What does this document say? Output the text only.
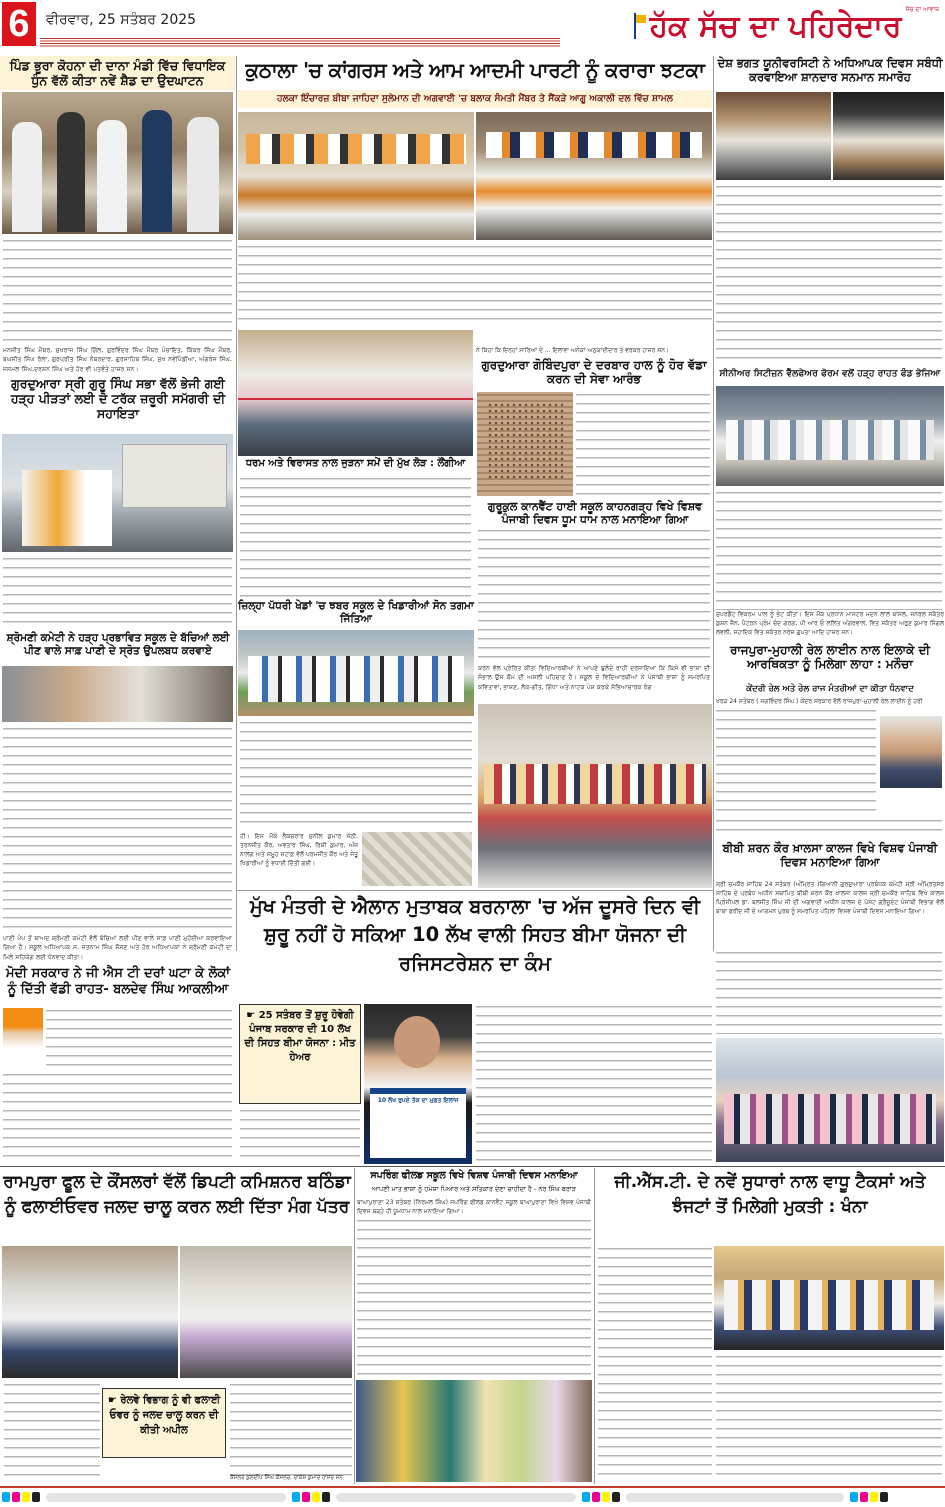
6	ਵੀਰਵਾਰ, 25 ਸਤੰਬਰ 2025	ਹੱਕ ਸੱਚ ਦਾ ਪਹਿਰੇਦਾਰ ਸੱਚ ਦਾ ਆਵਾਜ਼
ਪਿੰਡ ਭੂਰਾ ਕੋਹਨਾ ਦੀ ਦਾਨਾ ਮੰਡੀ ਵਿੱਚ ਵਿਧਾਇਕ ਧੁੰਨ ਵੱਲੋਂ ਕੀਤਾ ਨਵੇਂ ਸ਼ੈਡ ਦਾ ਉਦਘਾਟਨ
ਮਨਜੀਤ ਸਿੰਘ ਮੈਂਬਰ, ਸੁਖਰਾਜ ਸਿੰਘ ਗਿੱਲ, ਗੁਰਵਿੰਦਰ ਸਿੰਘ ਮੈਂਬਰ ਪੰਚਾਇਤ, ਕਿੱਕਰ ਸਿੰਘ ਮੈਂਬਰ, ਬਘਜੀਤ ਸਿੰਘ ਰੱਲਾ, ਗੁਰਪ੍ਰੀਤ ਸਿੰਘ ਨੰਬਰਦਾਰ, ਗੁਰਸਾਹਿਬ ਸਿੰਘ, ਸੁਖ ਨਵੇਂਪਿੰਡੀਆ, ਅੰਗਰੇਜ ਸਿੰਘ, ਜਸਮਲ ਸਿੰਘ,ਦਰਸ਼ਨ ਸਿੰਘ ਅਤੇ ਹੋਰ ਵੀ ਪਤਵੰਤੇ ਹਾਜ਼ਰ ਸਨ।
ਗੁਰਦੁਆਰਾ ਸ੍ਰੀ ਗੁਰੂ ਸਿੰਘ ਸਭਾ ਵੱਲੋਂ ਭੇਜੀ ਗਈ ਹੜ੍ਹ ਪੀੜਤਾਂ ਲਈ ਦੋ ਟਰੱਕ ਜ਼ਰੂਰੀ ਸਮੱਗਰੀ ਦੀ ਸਹਾਇਤਾ
ਸ਼੍ਰੋਮਣੀ ਕਮੇਟੀ ਨੇ ਹੜ੍ਹ ਪ੍ਰਭਾਵਿਤ ਸਕੂਲ ਦੇ ਬੱਚਿਆਂ ਲਈ ਪੀਣ ਵਾਲੇ ਸਾਫ਼ ਪਾਣੀ ਦੇ ਸ੍ਰੋਤ ਉਪਲਬਧ ਕਰਵਾਏ
ਪਾਣੀ ਪੰਪ ਤੋਂ ਬਾਅਦ ਸ਼੍ਰੋਮਣੀ ਕਮੇਟੀ ਵੱਲੋਂ ਬੱਚਿਆਂ ਲਈ ਪੀਣ ਵਾਲੇ ਸਾਫ਼ ਪਾਣੀ ਮੁਹੱਈਆ ਕਰਵਾਇਆ ਗਿਆ ਹੈ। ਸਕੂਲ ਅਧਿਆਪਕ ਸ. ਸਤਨਾਮ ਸਿੰਘ ਜੌਸਣ ਅਤੇ ਹੋਰ ਅਧਿਆਪਕਾਂ ਨੇ ਸ਼੍ਰੋਮਣੀ ਕਮੇਟੀ ਦਾ ਮਿਲੇ ਸਹਿਯੋਗ ਲਈ ਧੰਨਵਾਦ ਕੀਤਾ।
ਮੋਦੀ ਸਰਕਾਰ ਨੇ ਜੀ ਐਸ ਟੀ ਦਰਾਂ ਘਟਾ ਕੇ ਲੋਕਾਂ ਨੂੰ ਦਿੱਤੀ ਵੱਡੀ ਰਾਹਤ- ਬਲਦੇਵ ਸਿੰਘ ਆਕਲੀਆ
ਕੁਠਾਲਾ 'ਚ ਕਾਂਗਰਸ ਅਤੇ ਆਮ ਆਦਮੀ ਪਾਰਟੀ ਨੂੰ ਕਰਾਰਾ ਝਟਕਾ
ਹਲਕਾ ਇੰਚਾਰਜ਼ ਬੀਬਾ ਜਾਹਿਦਾ ਸੁਲੇਮਾਨ ਦੀ ਅਗਵਾਈ 'ਚ ਬਲਾਕ ਸੰਮਤੀ ਮੈਂਬਰ ਤੇ ਸੈਂਕੜੇ ਆਗੂ ਅਕਾਲੀ ਦਲ ਵਿੱਚ ਸ਼ਾਮਲ
ਧਰਮ ਅਤੇ ਵਿਰਾਸਤ ਨਾਲ ਜੁੜਨਾ ਸਮੇਂ ਦੀ ਮੁੱਖ ਲੋੜ : ਲੌਂਗੀਆ
ਨੇ ਕਿਹਾ ਕਿ ਇਨ੍ਹਾਂ ਸਾਰਿਆਂ ਦੇ ... ਇਲਾਵਾ ਅਨੇਕਾਂ ਅਨੁਯਾਈਦਾਰ ਤੇ ਵਰਕਰ ਹਾਜ਼ਰ ਸਨ।
ਗੁਰਦੁਆਰਾ ਗੋਬਿੰਦਪੁਰਾ ਦੇ ਦਰਬਾਰ ਹਾਲ ਨੂੰ ਹੋਰ ਵੱਡਾ ਕਰਨ ਦੀ ਸੇਵਾ ਆਰੰਭ
ਗੁਰੂਕੁਲ ਕਾਨਵੈਂਟ ਹਾਈ ਸਕੂਲ ਕਾਹਨਗੜ੍ਹ ਵਿਖੇ ਵਿਸ਼ਵ ਪੰਜਾਬੀ ਦਿਵਸ ਧੂਮ ਧਾਮ ਨਾਲ ਮਨਾਇਆ ਗਿਆ
ਕਰਨ ਵੱਲ ਪ੍ਰੇਰਿਤ ਕੀਤਾ ਵਿਦਿਆਰਥੀਆਂ ਨੇ ਆਪਣੇ ਬੁਲੰਦੇ ਰਾਹੀਂ ਦਰਸਾਇਆ ਕਿ ਕਿਸੇ ਵੀ ਭਾਸ਼ਾ ਦੀ ਸੰਭਾਲ ਉਸ ਕੌਮ ਦੀ ਅਸਲੀ ਪਹਿਚਾਣ ਹੈ। ਸਕੂਲ ਦੇ ਵਿਦਿਆਰਥੀਆਂ ਨੇ ਪੰਜਾਬੀ ਭਾਸ਼ਾ ਨੂੰ ਸਮਰਪਿਤ ਕਵਿਤਾਵਾਂ, ਭਾਸ਼ਣ, ਲੋਕ-ਗੀਤ, ਗਿੱਧਾ ਅਤੇ ਨਾਟਕ ਪੇਸ਼ ਕਰਕੇ ਸੱਭਿਆਚਾਰਕ ਰੰਗ
ਜ਼ਿਲ੍ਹਾ ਪੱਧਰੀ ਖੇਡਾਂ 'ਚ ਝਬਰ ਸਕੂਲ ਦੇ ਖਿਡਾਰੀਆਂ ਸੋਨ ਤਗਮਾ ਜਿੱਤਿਆ
ਹੀ। ਇਸ ਮੌਕੇ ਲੈਕਚਰਾਰ ਸੁਨੀਲ ਕੁਮਾਰ ਸੇਠੀ, ਤਰਨਜੀਤ ਕੌਰ, ਅਵਤਾਰ ਸਿੰਘ, ਰਿਸ਼ੀ ਕੁਮਾਰ, ਅੰਜ ਨਾਲਗ ਅਤੇ ਸਮੂਹ ਸਟਾਫ਼ ਵੱਲੋਂ ਪਰਮਜੀਤ ਕੌਰ ਅਤੇ ਜੇਤੂ ਖਿਡਾਰੀਆਂ ਨੂੰ ਵਧਾਈ ਦਿੱਤੀ ਗਈ।
ਦੇਸ਼ ਭਗਤ ਯੂਨੀਵਰਸਿਟੀ ਨੇ ਅਧਿਆਪਕ ਦਿਵਸ ਸਬੰਧੀ ਕਰਵਾਇਆ ਸ਼ਾਨਦਾਰ ਸਨਮਾਨ ਸਮਾਰੋਹ
ਸੀਨੀਅਰ ਸਿਟੀਜ਼ਨ ਵੈੱਲਫੇਅਰ ਫੋਰਮ ਵਲੋਂ ਹੜ੍ਹ ਰਾਹਤ ਫੰਡ ਭੇਜਿਆ
ਸੁਪਰਡੈਂਟ ਵਿਕਰਮ ਪਾਲ ਨੂੰ ਭੇਟ ਕੀਤਾ। ਇਸ ਮੌਕ ਪ੍ਰਧਾਨ ਮਾਸਟਰ ਮਦਨ ਲਾਲ ਬਾਂਸਲ, ਜਨਰਲ ਸਕੱਤਰ ਕੁਸ਼ਨ ਜੈਨ, ਪੈਟਰਨ ਪ੍ਰੇਮ ਚੰਦ ਗਰਗ, ਪੀ ਆਰ ਓ ਲਲਿਤ ਅੰਗਰਵਾਲ, ਵਿਤ ਸਕੱਤਰ ਅਰੁਣ ਕੁਮਾਰ ਸਿੰਗਲ ਲਵਲੀ, ਸਹਾਇਕ ਵਿਤ ਸਕੱਤਰ ਨਰੇਸ਼ ਗੁਪਤਾ ਆਦਿ ਹਾਜ਼ਰ ਸਨ।
ਰਾਜਪੁਰਾ-ਮੁਹਾਲੀ ਰੇਲ ਲਾਈਨ ਨਾਲ ਇਲਾਕੇ ਦੀ ਆਰਥਿਕਤਾ ਨੂੰ ਮਿਲੇਗਾ ਲਾਹਾ : ਮਨੌਚਾ
ਕੇਂਦਰੀ ਰੇਲ ਅਤੇ ਰੇਲ ਰਾਜ ਮੰਤਰੀਆਂ ਦਾ ਕੀਤਾ ਧੰਨਵਾਦ
ਖਰੜ 24 ਸਤੰਬਰ ( ਜਗਵਿੰਦਰ ਸਿੰਘ ) ਕੇਂਦਰ ਸਰਕਾਰ ਵੱਲੋਂ ਰਾਜਪੁਰਾ-ਮੁਹਾਲੀ ਰੇਲ ਲਾਈਨ ਨੂੰ ਹਰੀ
ਬੀਬੀ ਸ਼ਰਨ ਕੌਰ ਖ਼ਾਲਸਾ ਕਾਲਜ ਵਿਖੇ ਵਿਸ਼ਵ ਪੰਜਾਬੀ ਦਿਵਸ ਮਨਾਇਆ ਗਿਆ
ਸ੍ਰੀ ਚਮਕੌਰ ਸਾਹਿਬ 24 ਸਤੰਬਰ (ਅੰਮ੍ਰਿਤ )ਗਿਆਨੀ ਗੁਰਦੁਆਰਾ ਪ੍ਰਬੰਧਕ ਕਮੇਟੀ ਸ੍ਰੀ ਅੰਮ੍ਰਿਤਸਰ ਸਾਹਿਬ ਦੇ ਪ੍ਰਬੰਧ ਅਧੀਨ ਸਥਾਪਿਤ ਬੀਬੀ ਸ਼ਰਨ ਕੌਰ ਖ਼ਾਲਸਾ ਕਾਲਜ ਸ੍ਰੀ ਚਮਕੌਰ ਸਾਹਿਬ ਵਿਖੇ ਕਾਲਜ ਪ੍ਰਿੰਸੀਪਲ ਡਾ. ਬਲਜੀਤ ਸਿੰਘ ਜੀ ਦੀ ਅਗਵਾਈ ਅਧੀਨ ਕਾਲਜ ਦੇ ਪੋਸਟ ਗ੍ਰੈਜੂਏਟ ਪੰਜਾਬੀ ਵਿਭਾਗ ਵੱਲੋਂ ਬਾਬਾ ਫਰੀਦ ਜੀ ਦੇ ਆਗਮਨ ਪੁਰਬ ਨੂੰ ਸਮਰਪਿਤ ਪਹਿਲਾ ਵਿਸ਼ਵ ਪੰਜਾਬੀ ਦਿਵਸ ਮਨਾਇਆ ਗਿਆ।
ਮੁੱਖ ਮੰਤਰੀ ਦੇ ਐਲਾਨ ਮੁਤਾਬਕ ਬਰਨਾਲਾ 'ਚ ਅੱਜ ਦੂਸਰੇ ਦਿਨ ਵੀ ਸ਼ੁਰੂ ਨਹੀਂ ਹੋ ਸਕਿਆ 10 ਲੱਖ ਵਾਲੀ ਸਿਹਤ ਬੀਮਾ ਯੋਜਨਾ ਦੀ ਰਜਿਸਟਰੇਸ਼ਨ ਦਾ ਕੰਮ
☛ 25 ਸਤੰਬਰ ਤੋਂ ਸ਼ੁਰੂ ਹੋਵੇਗੀ ਪੰਜਾਬ ਸਰਕਾਰ ਦੀ 10 ਲੱਖ ਦੀ ਸਿਹਤ ਬੀਮਾ ਯੋਜਨਾ : ਮੀਤ ਹੇਅਰ
10 ਲੱਖ ਰੁਪਏ ਤੱਕ ਦਾ ਮੁਫ਼ਤ ਇਲਾਜ
ਰਾਮਪੁਰਾ ਫੂਲ ਦੇ ਕੌਂਸਲਰਾਂ ਵੱਲੋਂ ਡਿਪਟੀ ਕਮਿਸ਼ਨਰ ਬਠਿੰਡਾ ਨੂੰ ਫਲਾਈਓਵਰ ਜਲਦ ਚਾਲੂ ਕਰਨ ਲਈ ਦਿੱਤਾ ਮੰਗ ਪੱਤਰ
☛ ਰੇਲਵੇ ਵਿਭਾਗ ਨੂੰ ਵੀ ਫਲਾਈ ਓਵਰ ਨੂੰ ਜਲਦ ਚਾਲੂ ਕਰਨ ਦੀ ਕੀਤੀ ਅਪੀਲ
ਕੌਂਸਲਰ ਕੁਲਦੀਪ ਸਿੰਘ ਕੌਂਸਲਰ, ਰਾਕੇਸ਼ ਕੁਮਾਰ ਹਾਜ਼ਰ ਸਨ
ਸਪਰਿੰਗ ਫੀਲਡ ਸਕੂਲ ਵਿਖੇ ਵਿਸ਼ਵ ਪੰਜਾਬੀ ਦਿਵਸ ਮਨਾਇਆ
ਆਪਣੀ ਮਾਤ ਭਾਸ਼ਾ ਨੂੰ ਹਮੇਸ਼ਾ ਪਿਆਰ ਅਤੇ ਸਤਿਕਾਰ ਦੇਣਾ ਚਾਹੀਦਾ ਹੈ - ਨਰ ਸਿੰਘ ਬਰਾੜ
ਬਾਘਾਪੁਰਾਣਾ 23 ਸਤੰਬਰ (ਨਿਰਮਲ ਸਿੰਘ) ਸਪਰਿੰਗ ਫੀਲਡ ਕਾਨਵੈਂਟ ਸਕੂਲ ਬਾਘਾਪੁਰਾਣਾ ਵਿਖੇ ਵਿਸ਼ਵ ਪੰਜਾਬੀ ਦਿਵਸ ਬੜ੍ਹੇ ਹੀ ਧੂਮਧਾਮ ਨਾਲ ਮਨਾਇਆ ਗਿਆ।
ਜੀ.ਐੱਸ.ਟੀ. ਦੇ ਨਵੇਂ ਸੁਧਾਰਾਂ ਨਾਲ ਵਾਧੂ ਟੈਕਸਾਂ ਅਤੇ ਝੰਜਟਾਂ ਤੋਂ ਮਿਲੇਗੀ ਮੁਕਤੀ : ਖੰਨਾ
